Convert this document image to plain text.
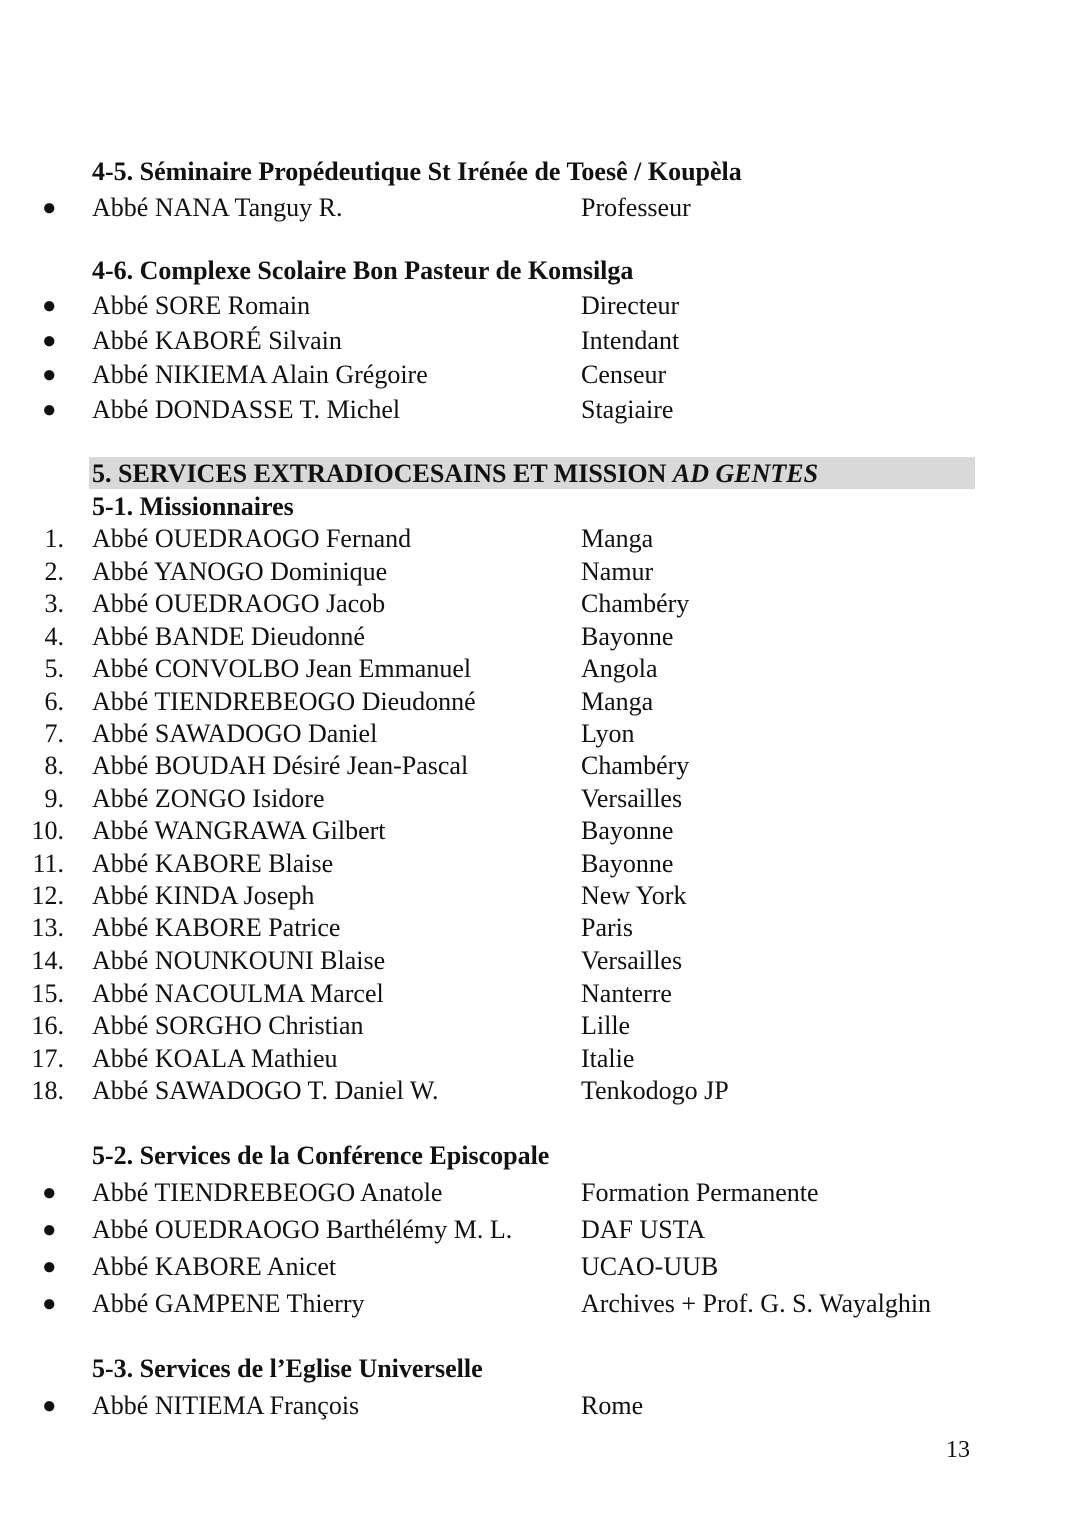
4-5. Séminaire Propédeutique St Irénée de Toesê / Koupèla
● Abbé NANA Tanguy R.	Professeur
4-6. Complexe Scolaire Bon Pasteur de Komsilga
● Abbé SORE Romain	Directeur
● Abbé KABORÉ Silvain	Intendant
● Abbé NIKIEMA Alain Grégoire	Censeur
● Abbé DONDASSE T. Michel	Stagiaire
5. SERVICES EXTRADIOCESAINS ET MISSION AD GENTES
5-1. Missionnaires
1. Abbé OUEDRAOGO Fernand	Manga
2. Abbé YANOGO Dominique	Namur
3. Abbé OUEDRAOGO Jacob	Chambéry
4. Abbé BANDE Dieudonné	Bayonne
5. Abbé CONVOLBO Jean Emmanuel	Angola
6. Abbé TIENDREBEOGO Dieudonné	Manga
7. Abbé SAWADOGO Daniel	Lyon
8. Abbé BOUDAH Désiré Jean-Pascal	Chambéry
9. Abbé ZONGO Isidore	Versailles
10. Abbé WANGRAWA Gilbert	Bayonne
11. Abbé KABORE Blaise	Bayonne
12. Abbé KINDA Joseph	New York
13. Abbé KABORE Patrice	Paris
14. Abbé NOUNKOUNI Blaise	Versailles
15. Abbé NACOULMA Marcel	Nanterre
16. Abbé SORGHO Christian	Lille
17. Abbé KOALA Mathieu	Italie
18. Abbé SAWADOGO T. Daniel W.	Tenkodogo JP
5-2. Services de la Conférence Episcopale
● Abbé TIENDREBEOGO Anatole	Formation Permanente
● Abbé OUEDRAOGO Barthélémy M. L.	DAF USTA
● Abbé KABORE Anicet	UCAO-UUB
● Abbé GAMPENE Thierry	Archives + Prof. G. S. Wayalghin
5-3. Services de l’Eglise Universelle
● Abbé NITIEMA François	Rome
13
